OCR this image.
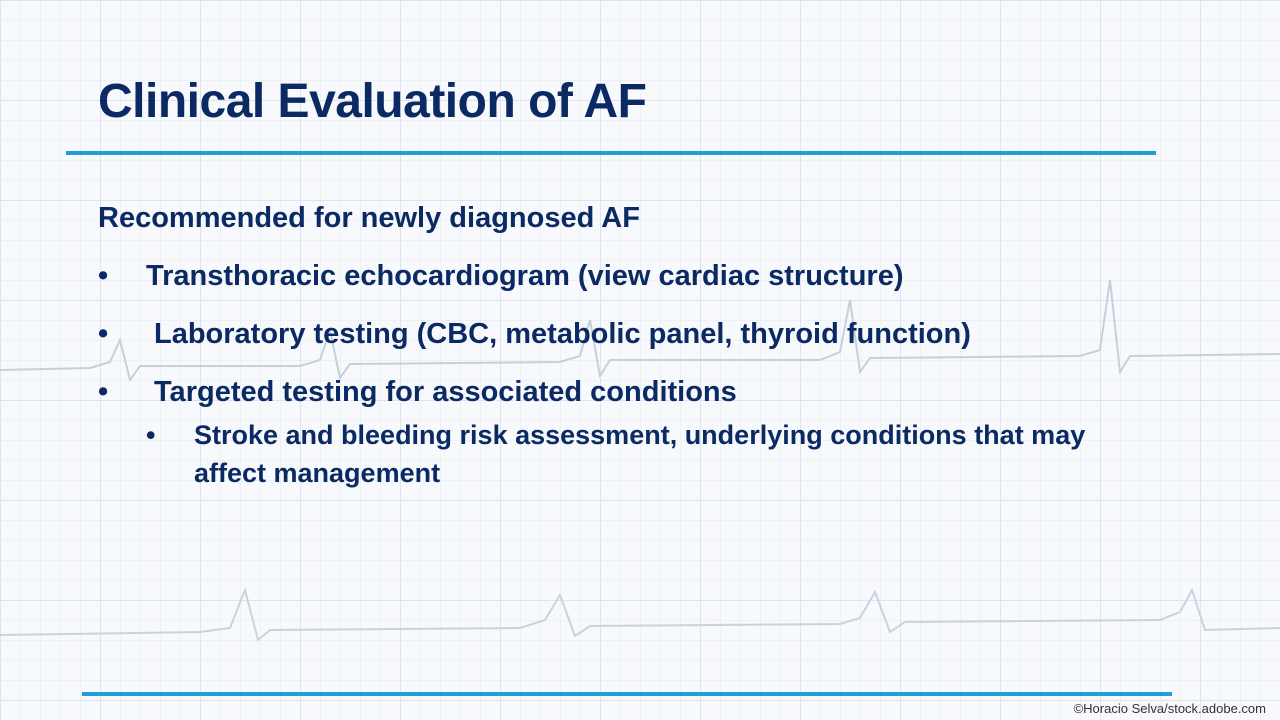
Clinical Evaluation of AF

Recommended for newly diagnosed AF

•	Transthoracic echocardiogram (view cardiac structure)
•	Laboratory testing (CBC, metabolic panel, thyroid function)
•	Targeted testing for associated conditions
•	Stroke and bleeding risk assessment, underlying conditions that may affect management
©Horacio Selva/stock.adobe.com
